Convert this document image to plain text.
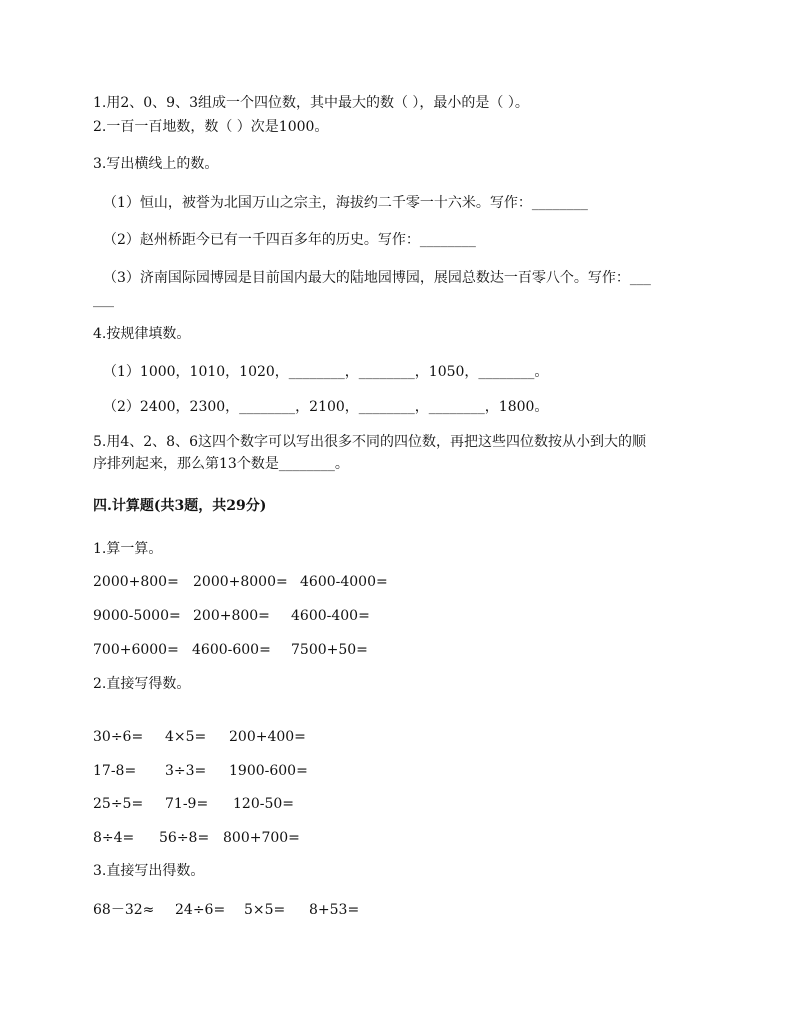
1.用2、0、9、3组成一个四位数，其中最大的数（ ），最小的是（ ）。
2.一百一百地数，数（ ）次是1000。
3.写出横线上的数。
（1）恒山，被誉为北国万山之宗主，海拔约二千零一十六米。写作：________
（2）赵州桥距今已有一千四百多年的历史。写作：________
（3）济南国际园博园是目前国内最大的陆地园博园，展园总数达一百零八个。写作：___
___
4.按规律填数。
（1）1000，1010，1020，________，________，1050，________。
（2）2400，2300，________，2100，________，________，1800。
5.用4、2、8、6这四个数字可以写出很多不同的四位数，再把这些四位数按从小到大的顺
序排列起来，那么第13个数是________。
四.计算题(共3题，共29分)
1.算一算。
2000+800= 2000+8000= 4600-4000=
9000-5000= 200+800= 4600-400=
700+6000= 4600-600= 7500+50=
2.直接写得数。
30÷6= 4×5= 200+400=
17-8= 3÷3= 1900-600=
25÷5= 71-9= 120-50=
8÷4= 56÷8= 800+700=
3.直接写出得数。
68－32≈ 24÷6= 5×5= 8+53=
